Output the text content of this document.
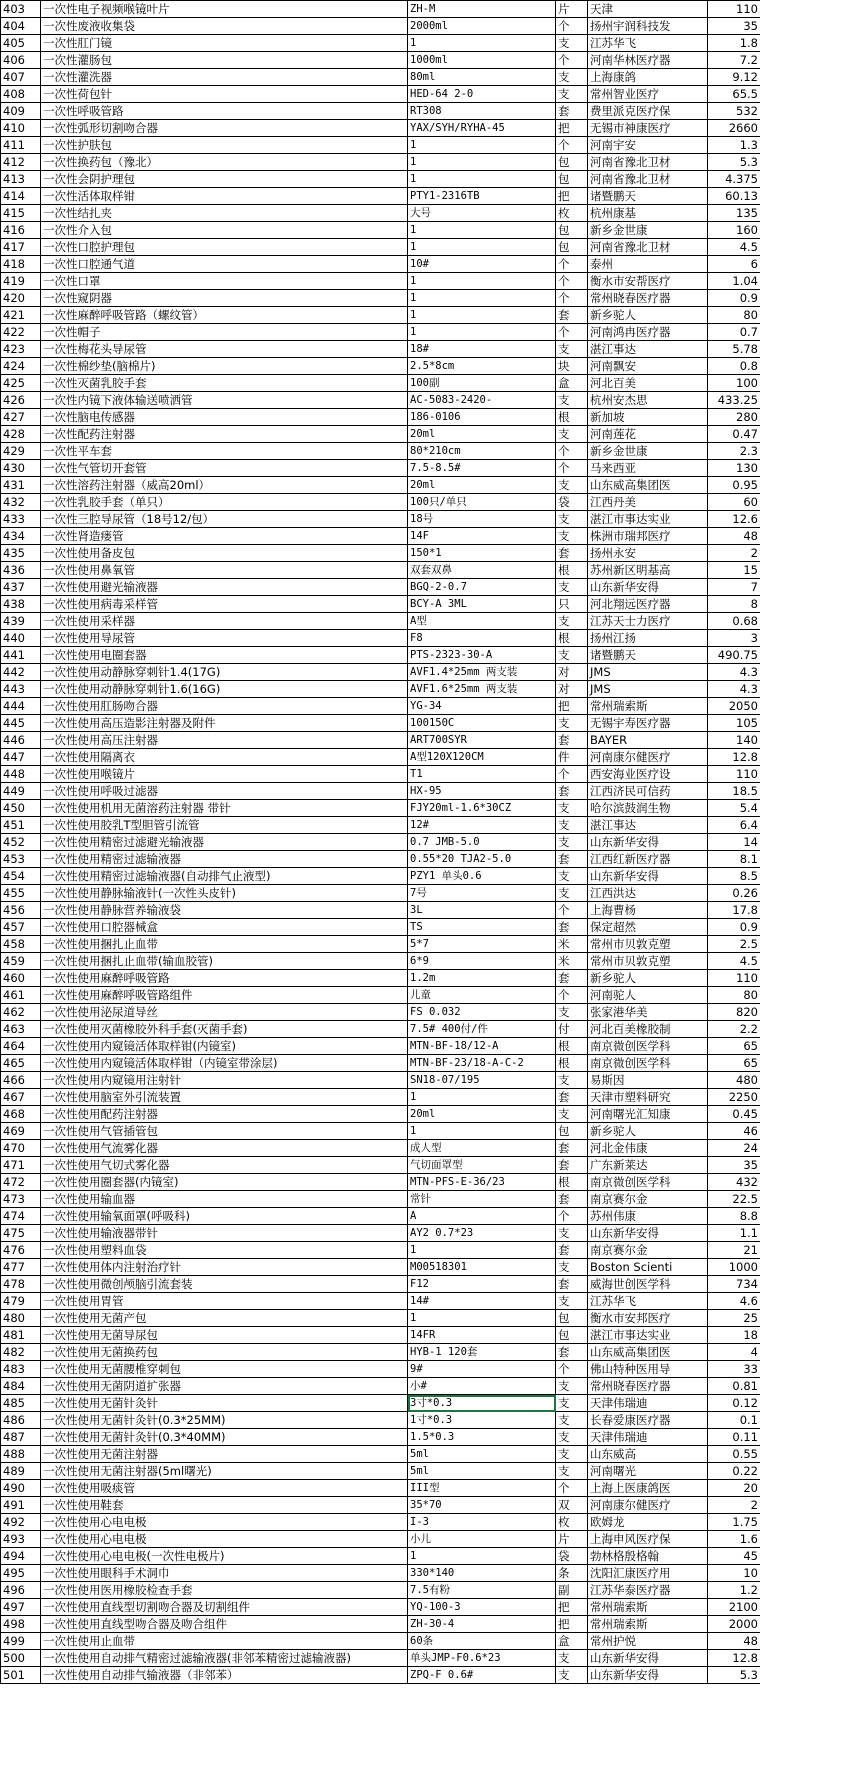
403	一次性电子视频喉镜叶片	ZH-M	片	天津	110
404	一次性废液收集袋	2000ml	个	扬州宇润科技发	35
405	一次性肛门镜	1	支	江苏华飞	1.8
406	一次性灌肠包	1000ml	个	河南华林医疗器	7.2
407	一次性灌洗器	80ml	支	上海康鸽	9.12
408	一次性荷包针	HED-64 2-0	支	常州智业医疗	65.5
409	一次性呼吸管路	RT308	套	费里派克医疗保	532
410	一次性弧形切割吻合器	YAX/SYH/RYHA-45	把	无锡市神康医疗	2660
411	一次性护肤包	1	个	河南宇安	1.3
412	一次性换药包（豫北）	1	包	河南省豫北卫材	5.3
413	一次性会阴护理包	1	包	河南省豫北卫材	4.375
414	一次性活体取样钳	PTY1-2316TB	把	诸暨鹏天	60.13
415	一次性结扎夹	大号	枚	杭州康基	135
416	一次性介入包	1	包	新乡金世康	160
417	一次性口腔护理包	1	包	河南省豫北卫材	4.5
418	一次性口腔通气道	10#	个	泰州	6
419	一次性口罩	1	个	衡水市安帮医疗	1.04
420	一次性窥阴器	1	个	常州晓春医疗器	0.9
421	一次性麻醉呼吸管路（螺纹管）	1	套	新乡驼人	80
422	一次性帽子	1	个	河南鸿冉医疗器	0.7
423	一次性梅花头导尿管	18#	支	湛江事达	5.78
424	一次性棉纱垫(脑棉片)	2.5*8cm	块	河南飘安	0.8
425	一次性灭菌乳胶手套	100副	盒	河北百美	100
426	一次性内镜下液体输送喷洒管	AC-5083-2420-	支	杭州安杰思	433.25
427	一次性脑电传感器	186-0106	根	新加坡	280
428	一次性配药注射器	20ml	支	河南莲花	0.47
429	一次性平车套	80*210cm	个	新乡金世康	2.3
430	一次性气管切开套管	7.5-8.5#	个	马来西亚	130
431	一次性溶药注射器（威高20ml）	20ml	支	山东威高集团医	0.95
432	一次性乳胶手套（单只）	100只/单只	袋	江西丹美	60
433	一次性三腔导尿管（18号12/包）	18号	支	湛江市事达实业	12.6
434	一次性肾造瘘管	14F	支	株洲市瑞邦医疗	48
435	一次性使用备皮包	150*1	套	扬州永安	2
436	一次性使用鼻氧管	双套双鼻	根	苏州新区明基高	15
437	一次性使用避光输液器	BGQ-2-0.7	支	山东新华安得	7
438	一次性使用病毒采样管	BCY-A 3ML	只	河北翔远医疗器	8
439	一次性使用采样器	A型	支	江苏天士力医疗	0.68
440	一次性使用导尿管	F8	根	扬州江扬	3
441	一次性使用电圈套器	PTS-2323-30-A	支	诸暨鹏天	490.75
442	一次性使用动静脉穿刺针1.4(17G)	AVF1.4*25mm 两支装	对	JMS	4.3
443	一次性使用动静脉穿刺针1.6(16G)	AVF1.6*25mm 两支装	对	JMS	4.3
444	一次性使用肛肠吻合器	YG-34	把	常州瑞索斯	2050
445	一次性使用高压造影注射器及附件	100150C	支	无锡宇寿医疗器	105
446	一次性使用高压注射器	ART700SYR	套	BAYER	140
447	一次性使用隔离衣	A型120X120CM	件	河南康尔健医疗	12.8
448	一次性使用喉镜片	T1	个	西安海业医疗设	110
449	一次性使用呼吸过滤器	HX-95	套	江西济民可信药	18.5
450	一次性使用机用无菌溶药注射器 带针	FJY20ml-1.6*30CZ	支	哈尔滨鼓润生物	5.4
451	一次性使用胶乳T型胆管引流管	12#	支	湛江事达	6.4
452	一次性使用精密过滤避光输液器	0.7 JMB-5.0	支	山东新华安得	14
453	一次性使用精密过滤输液器	0.55*20 TJA2-5.0	套	江西红新医疗器	8.1
454	一次性使用精密过滤输液器(自动排气止液型)	PZY1 单头0.6	支	山东新华安得	8.5
455	一次性使用静脉输液针(一次性头皮针)	7号	支	江西洪达	0.26
456	一次性使用静脉营养输液袋	3L	个	上海曹杨	17.8
457	一次性使用口腔器械盒	TS	套	保定超然	0.9
458	一次性使用捆扎止血带	5*7	米	常州市贝敦克塑	2.5
459	一次性使用捆扎止血带(输血胶管)	6*9	米	常州市贝敦克塑	4.5
460	一次性使用麻醉呼吸管路	1.2m	套	新乡驼人	110
461	一次性使用麻醉呼吸管路组件	儿童	个	河南驼人	80
462	一次性使用泌尿道导丝	FS 0.032	支	张家港华美	820
463	一次性使用灭菌橡胶外科手套(灭菌手套)	7.5# 400付/件	付	河北百美橡胶制	2.2
464	一次性使用内窥镜活体取样钳(内镜室)	MTN-BF-18/12-A	根	南京微创医学科	65
465	一次性使用内窥镜活体取样钳（内镜室带涂层)	MTN-BF-23/18-A-C-2	根	南京微创医学科	65
466	一次性使用内窥镜用注射针	SN18-07/195	支	易斯因	480
467	一次性使用脑室外引流装置	1	套	天津市塑料研究	2250
468	一次性使用配药注射器	20ml	支	河南曙光汇知康	0.45
469	一次性使用气管插管包	1	包	新乡驼人	46
470	一次性使用气流雾化器	成人型	套	河北金伟康	24
471	一次性使用气切式雾化器	气切面罩型	套	广东新莱达	35
472	一次性使用圈套器(内镜室)	MTN-PFS-E-36/23	根	南京微创医学科	432
473	一次性使用输血器	常针	套	南京赛尔金	22.5
474	一次性使用输氧面罩(呼吸科)	A	个	苏州伟康	8.8
475	一次性使用输液器带针	AY2 0.7*23	支	山东新华安得	1.1
476	一次性使用塑料血袋	1	套	南京赛尔金	21
477	一次性使用体内注射治疗针	M00518301	支	Boston Scienti	1000
478	一次性使用微创颅脑引流套装	F12	套	威海世创医学科	734
479	一次性使用胃管	14#	支	江苏华飞	4.6
480	一次性使用无菌产包	1	包	衡水市安邦医疗	25
481	一次性使用无菌导尿包	14FR	包	湛江市事达实业	18
482	一次性使用无菌换药包	HYB-1 120套	套	山东威高集团医	4
483	一次性使用无菌腰椎穿刺包	9#	个	佛山特种医用导	33
484	一次性使用无菌阴道扩张器	小#	支	常州晓春医疗器	0.81
485	一次性使用无菌针灸针	3寸*0.3	支	天津伟瑞迪	0.12
486	一次性使用无菌针灸针(0.3*25MM)	1寸*0.3	支	长春爱康医疗器	0.1
487	一次性使用无菌针灸针(0.3*40MM)	1.5*0.3	支	天津伟瑞迪	0.11
488	一次性使用无菌注射器	5ml	支	山东威高	0.55
489	一次性使用无菌注射器(5ml曙光)	5ml	支	河南曙光	0.22
490	一次性使用吸痰管	III型	个	上海上医康鸽医	20
491	一次性使用鞋套	35*70	双	河南康尔健医疗	2
492	一次性使用心电电极	I-3	枚	欧姆龙	1.75
493	一次性使用心电电极	小儿	片	上海申风医疗保	1.6
494	一次性使用心电电极(一次性电极片)	1	袋	勃林格殷格翰	45
495	一次性使用眼科手术洞巾	330*140	条	沈阳汇康医疗用	10
496	一次性使用医用橡胶检查手套	7.5有粉	副	江苏华泰医疗器	1.2
497	一次性使用直线型切割吻合器及切割组件	YQ-100-3	把	常州瑞索斯	2100
498	一次性使用直线型吻合器及吻合组件	ZH-30-4	把	常州瑞索斯	2000
499	一次性使用止血带	60条	盒	常州护悦	48
500	一次性使用自动排气精密过滤输液器(非邻苯精密过滤输液器)	单头JMP-F0.6*23	支	山东新华安得	12.8
501	一次性使用自动排气输液器（非邻苯）	ZPQ-F 0.6#	支	山东新华安得	5.3
